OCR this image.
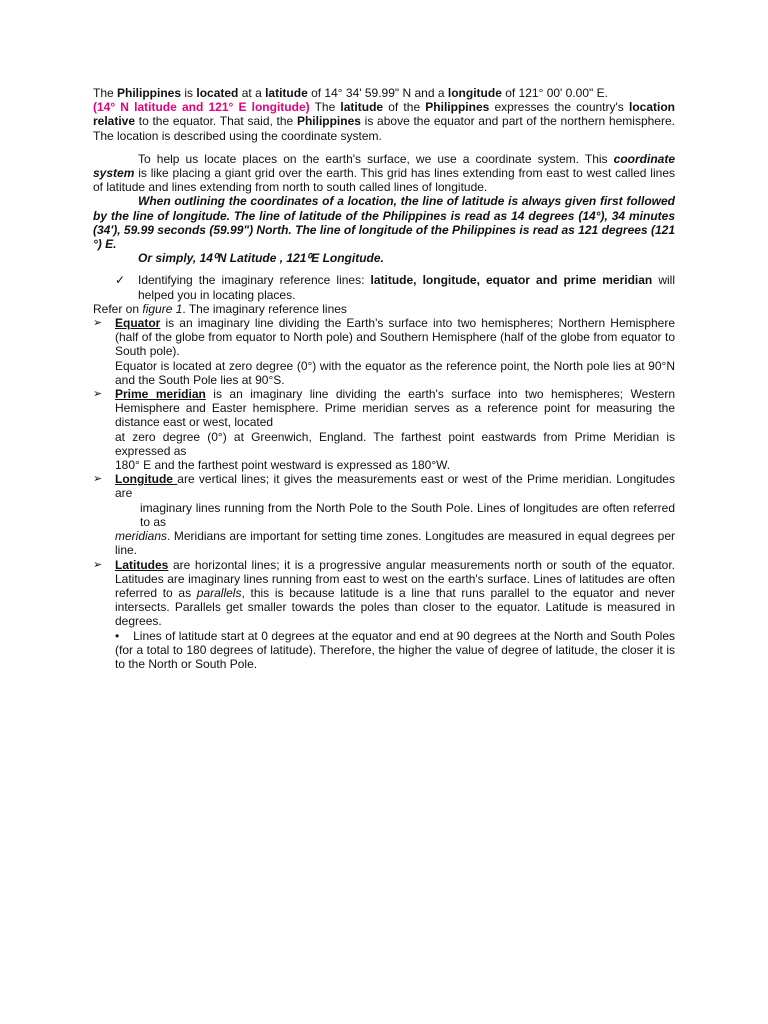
The Philippines is located at a latitude of 14° 34' 59.99" N and a longitude of 121° 00' 0.00" E.
(14° N latitude and 121° E longitude) The latitude of the Philippines expresses the country's location relative to the equator. That said, the Philippines is above the equator and part of the northern hemisphere. The location is described using the coordinate system.

To help us locate places on the earth's surface, we use a coordinate system. This coordinate system is like placing a giant grid over the earth. This grid has lines extending from east to west called lines of latitude and lines extending from north to south called lines of longitude.

When outlining the coordinates of a location, the line of latitude is always given first followed by the line of longitude. The line of latitude of the Philippines is read as 14 degrees (14°), 34 minutes (34'), 59.99 seconds (59.99") North. The line of longitude of the Philippines is read as 121 degrees (121 °) E.

Or simply, 14⁰N Latitude , 121⁰E Longitude.

✓ Identifying the imaginary reference lines: latitude, longitude, equator and prime meridian will helped you in locating places.

Refer on figure 1. The imaginary reference lines

➢ Equator is an imaginary line dividing the Earth's surface into two hemispheres; Northern Hemisphere (half of the globe from equator to North pole) and Southern Hemisphere (half of the globe from equator to South pole).

Equator is located at zero degree (0°) with the equator as the reference point, the North pole lies at 90°N and the South Pole lies at 90°S.

➢ Prime meridian is an imaginary line dividing the earth's surface into two hemispheres; Western Hemisphere and Easter hemisphere. Prime meridian serves as a reference point for measuring the distance east or west, located

at zero degree (0°) at Greenwich, England. The farthest point eastwards from Prime Meridian is expressed as

180° E and the farthest point westward is expressed as 180°W.

➢ Longitude are vertical lines; it gives the measurements east or west of the Prime meridian. Longitudes are

imaginary lines running from the North Pole to the South Pole. Lines of longitudes are often referred to as

meridians. Meridians are important for setting time zones. Longitudes are measured in equal degrees per line.

➢ Latitudes are horizontal lines; it is a progressive angular measurements north or south of the equator. Latitudes are imaginary lines running from east to west on the earth's surface. Lines of latitudes are often referred to as parallels, this is because latitude is a line that runs parallel to the equator and never intersects. Parallels get smaller towards the poles than closer to the equator. Latitude is measured in degrees.

• Lines of latitude start at 0 degrees at the equator and end at 90 degrees at the North and South Poles (for a total to 180 degrees of latitude). Therefore, the higher the value of degree of latitude, the closer it is to the North or South Pole.
